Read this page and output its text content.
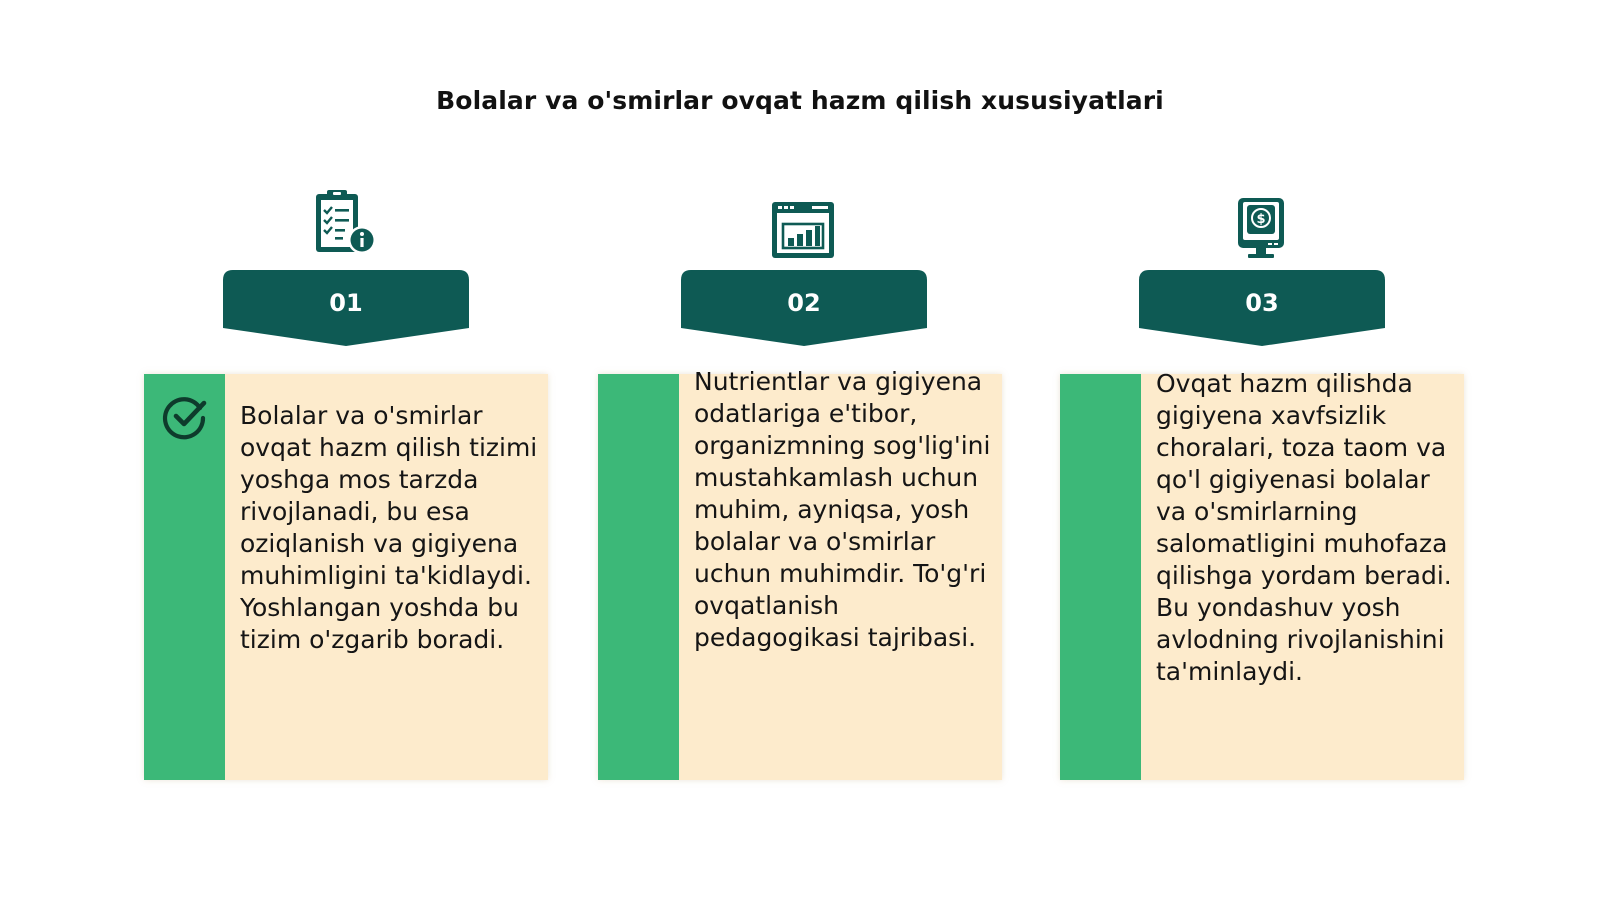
Bolalar va o'smirlar ovqat hazm qilish xususiyatlari
01
Bolalar va o'smirlar ovqat hazm qilish tizimi yoshga mos tarzda rivojlanadi, bu esa oziqlanish va gigiyena muhimligini ta'kidlaydi. Yoshlangan yoshda bu tizim o'zgarib boradi.
02
Nutrientlar va gigiyena odatlariga e'tibor, organizmning sog'lig'ini mustahkamlash uchun muhim, ayniqsa, yosh bolalar va o'smirlar uchun muhimdir. To'g'ri ovqatlanish pedagogikasi tajribasi.
$
03
Ovqat hazm qilishda gigiyena xavfsizlik choralari, toza taom va qo'l gigiyenasi bolalar va o'smirlarning salomatligini muhofaza qilishga yordam beradi. Bu yondashuv yosh avlodning rivojlanishini ta'minlaydi.
